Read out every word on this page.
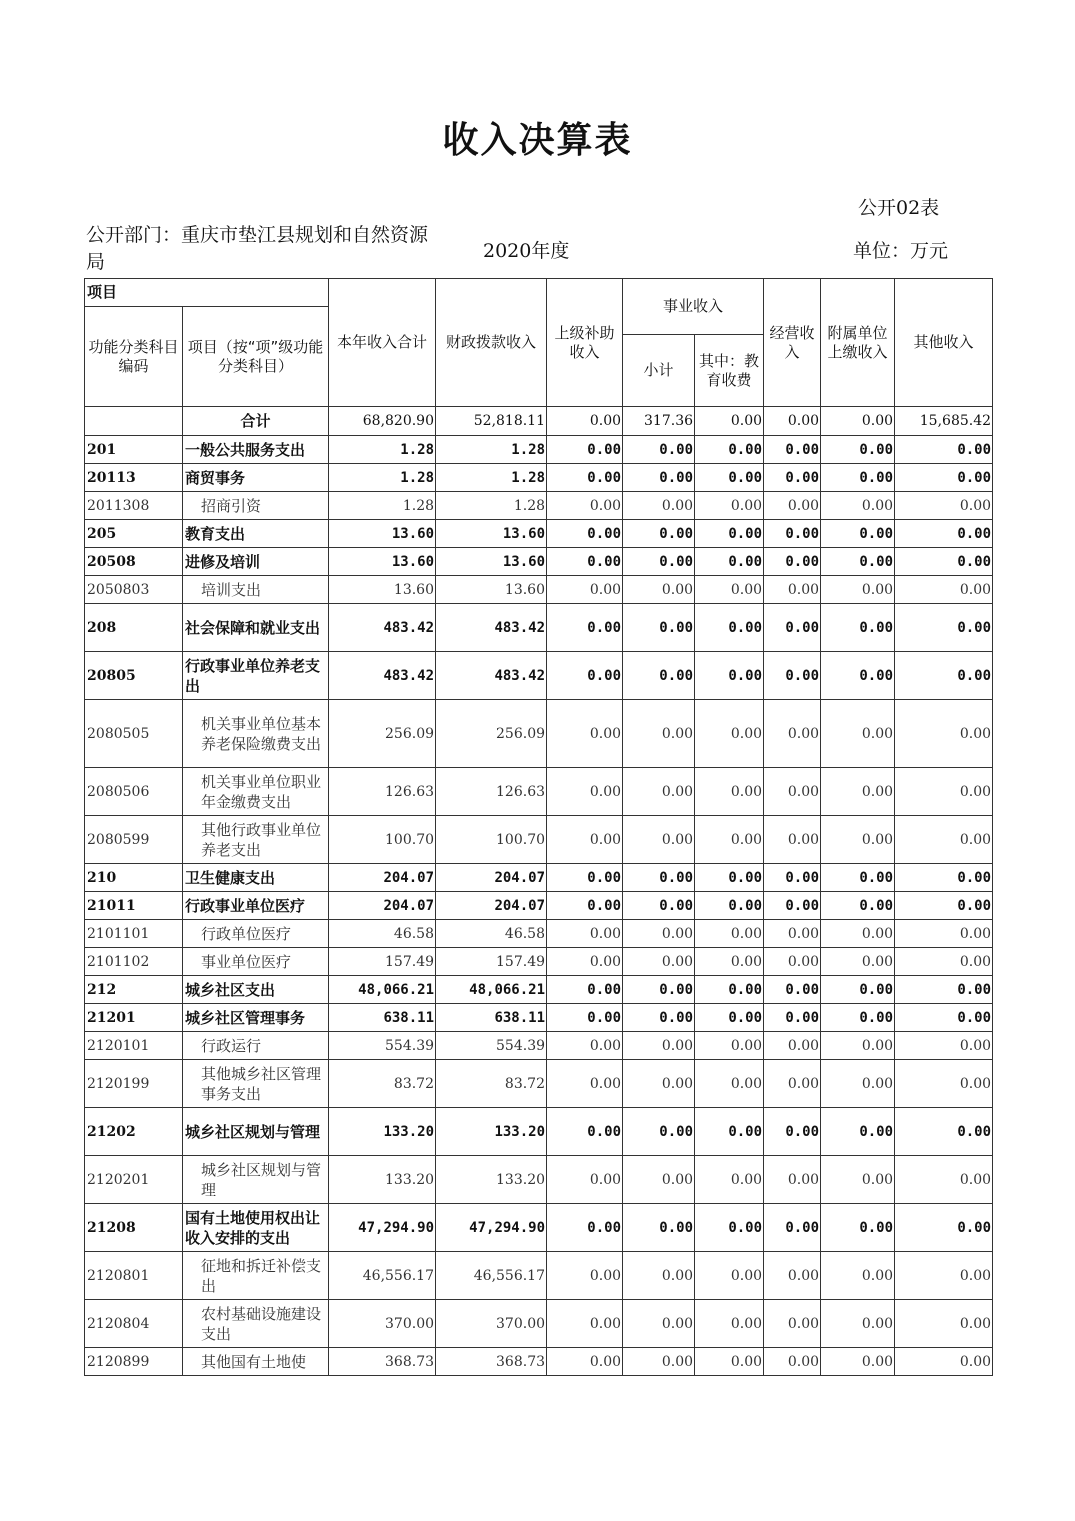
收入决算表
公开02表
公开部门：重庆市垫江县规划和自然资源局	2020年度	单位：万元
项目		本年收入合计	财政拨款收入	上级补助收入	事业收入		经营收入	附属单位上缴收入	其他收入
功能分类科目编码	项目（按“项”级功能分类科目）								
					小计	其中：教育收费			
	合计	68,820.90	52,818.11	0.00	317.36	0.00	0.00	0.00	15,685.42
201	一般公共服务支出	1.28	1.28	0.00	0.00	0.00	0.00	0.00	0.00
20113	商贸事务	1.28	1.28	0.00	0.00	0.00	0.00	0.00	0.00
2011308	招商引资	1.28	1.28	0.00	0.00	0.00	0.00	0.00	0.00
205	教育支出	13.60	13.60	0.00	0.00	0.00	0.00	0.00	0.00
20508	进修及培训	13.60	13.60	0.00	0.00	0.00	0.00	0.00	0.00
2050803	培训支出	13.60	13.60	0.00	0.00	0.00	0.00	0.00	0.00
208	社会保障和就业支出	483.42	483.42	0.00	0.00	0.00	0.00	0.00	0.00
20805	行政事业单位养老支出	483.42	483.42	0.00	0.00	0.00	0.00	0.00	0.00
2080505	机关事业单位基本养老保险缴费支出	256.09	256.09	0.00	0.00	0.00	0.00	0.00	0.00
2080506	机关事业单位职业年金缴费支出	126.63	126.63	0.00	0.00	0.00	0.00	0.00	0.00
2080599	其他行政事业单位养老支出	100.70	100.70	0.00	0.00	0.00	0.00	0.00	0.00
210	卫生健康支出	204.07	204.07	0.00	0.00	0.00	0.00	0.00	0.00
21011	行政事业单位医疗	204.07	204.07	0.00	0.00	0.00	0.00	0.00	0.00
2101101	行政单位医疗	46.58	46.58	0.00	0.00	0.00	0.00	0.00	0.00
2101102	事业单位医疗	157.49	157.49	0.00	0.00	0.00	0.00	0.00	0.00
212	城乡社区支出	48,066.21	48,066.21	0.00	0.00	0.00	0.00	0.00	0.00
21201	城乡社区管理事务	638.11	638.11	0.00	0.00	0.00	0.00	0.00	0.00
2120101	行政运行	554.39	554.39	0.00	0.00	0.00	0.00	0.00	0.00
2120199	其他城乡社区管理事务支出	83.72	83.72	0.00	0.00	0.00	0.00	0.00	0.00
21202	城乡社区规划与管理	133.20	133.20	0.00	0.00	0.00	0.00	0.00	0.00
2120201	城乡社区规划与管理	133.20	133.20	0.00	0.00	0.00	0.00	0.00	0.00
21208	国有土地使用权出让收入安排的支出	47,294.90	47,294.90	0.00	0.00	0.00	0.00	0.00	0.00
2120801	征地和拆迁补偿支出	46,556.17	46,556.17	0.00	0.00	0.00	0.00	0.00	0.00
2120804	农村基础设施建设支出	370.00	370.00	0.00	0.00	0.00	0.00	0.00	0.00
2120899	其他国有土地使	368.73	368.73	0.00	0.00	0.00	0.00	0.00	0.00
